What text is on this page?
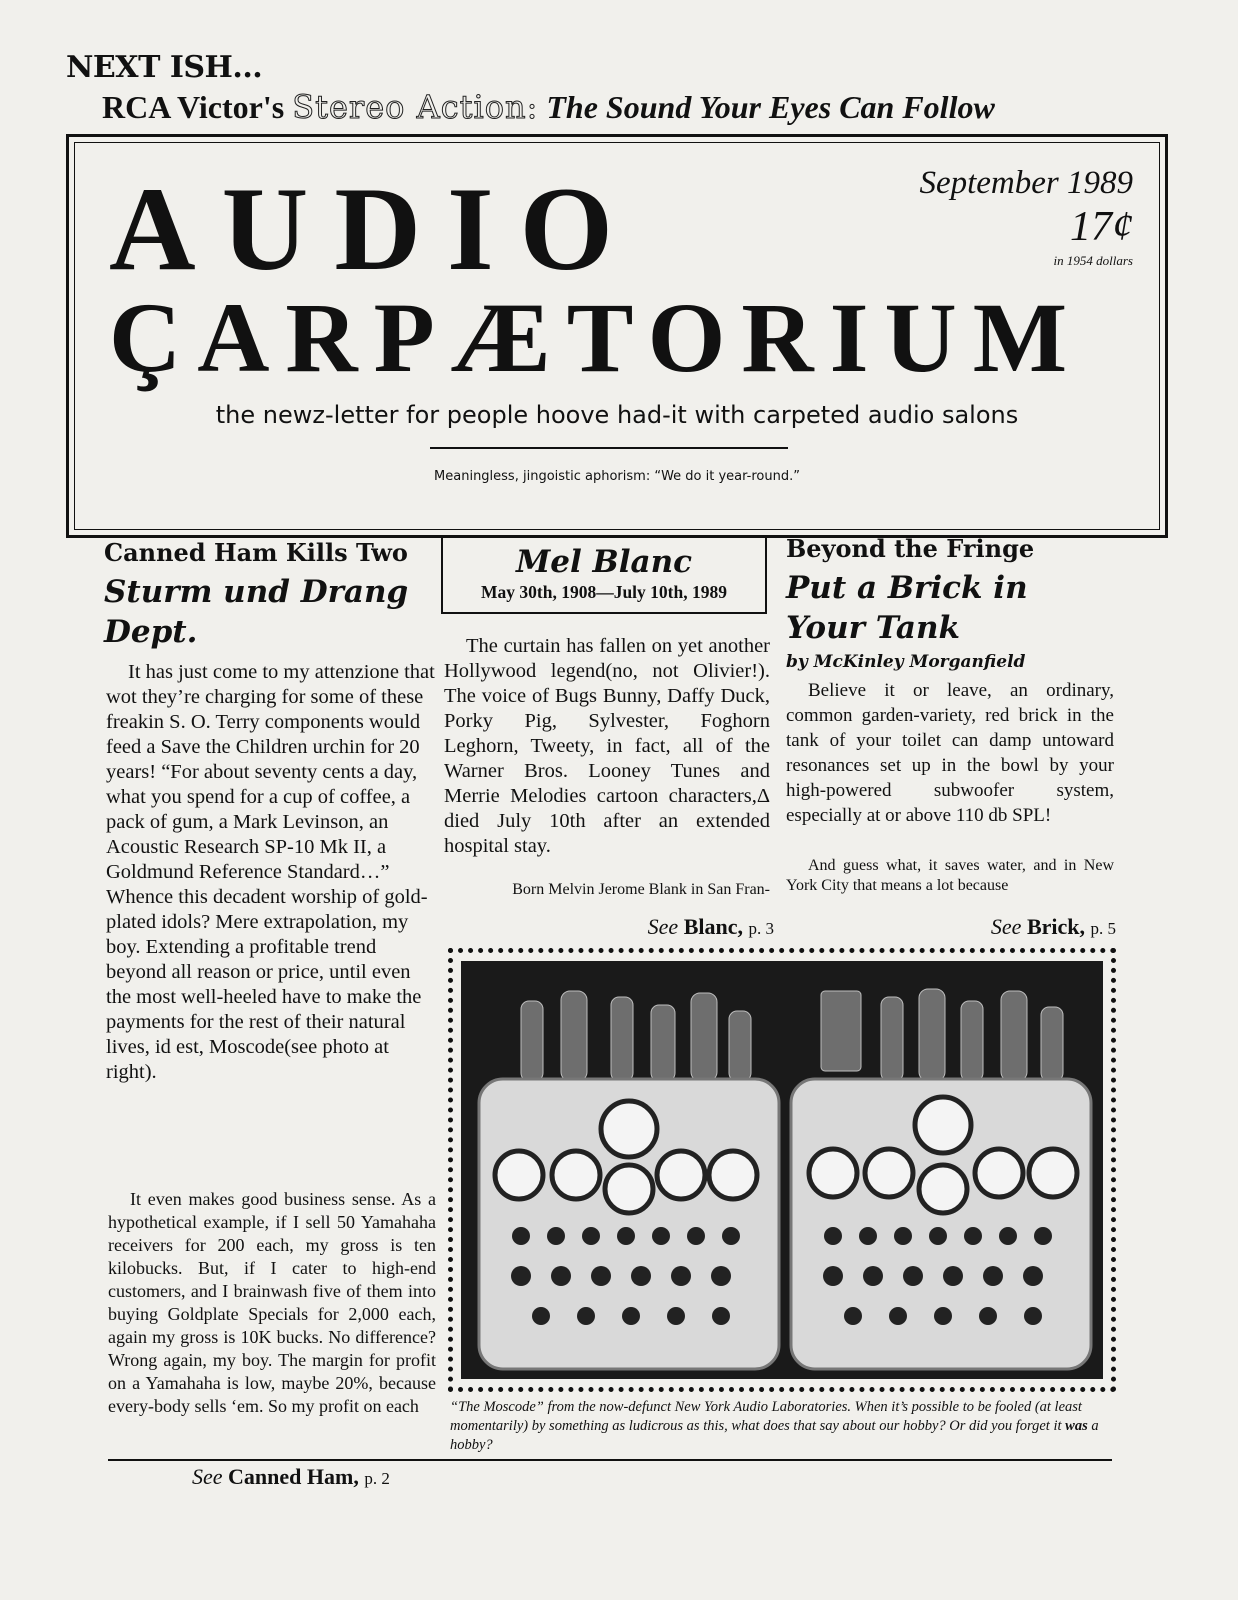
NEXT ISH...
RCA Victor's Stereo Action: The Sound Your Eyes Can Follow
AUDIO
ÇARPÆTORIUM
September 1989
17¢
in 1954 dollars
the newz-letter for people hoove had-it with carpeted audio salons
Meaningless, jingoistic aphorism: “We do it year-round.”
Canned Ham Kills Two
Sturm und Drang Dept.

It has just come to my attenzione that wot they’re charging for some of these freakin S. O. Terry components would feed a Save the Children urchin for 20 years! “For about seventy cents a day, what you spend for a cup of coffee, a pack of gum, a Mark Levinson, an Acoustic Research SP-10 Mk II, a Goldmund Reference Standard…” Whence this decadent worship of gold-plated idols? Mere extrapolation, my boy. Extending a profitable trend beyond all reason or price, until even the most well-heeled have to make the payments for the rest of their natural lives, id est, Moscode(see photo at right).

It even makes good business sense. As a hypothetical example, if I sell 50 Yamahaha receivers for 200 each, my gross is ten kilobucks. But, if I cater to high-end customers, and I brainwash five of them into buying Goldplate Specials for 2,000 each, again my gross is 10K bucks. No difference? Wrong again, my boy. The margin for profit on a Yamahaha is low, maybe 20%, because every-body sells ‘em. So my profit on each

See Canned Ham, p. 2
Mel Blanc
May 30th, 1908—July 10th, 1989

The curtain has fallen on yet another Hollywood legend(no, not Olivier!). The voice of Bugs Bunny, Daffy Duck, Porky Pig, Sylvester, Foghorn Leghorn, Tweety, in fact, all of the Warner Bros. Looney Tunes and Merrie Melodies cartoon characters,Δ died July 10th after an extended hospital stay.

Born Melvin Jerome Blank in San Fran-
See Blanc, p. 3
Beyond the Fringe
Put a Brick in Your Tank
by McKinley Morganfield

Believe it or leave, an ordinary, common garden-variety, red brick in the tank of your toilet can damp untoward resonances set up in the bowl by your high-powered subwoofer system, especially at or above 110 db SPL!

And guess what, it saves water, and in New York City that means a lot because

See Brick, p. 5
“The Moscode” from the now-defunct New York Audio Laboratories. When it’s possible to be fooled (at least momentarily) by something as ludicrous as this, what does that say about our hobby? Or did you forget it was a hobby?
